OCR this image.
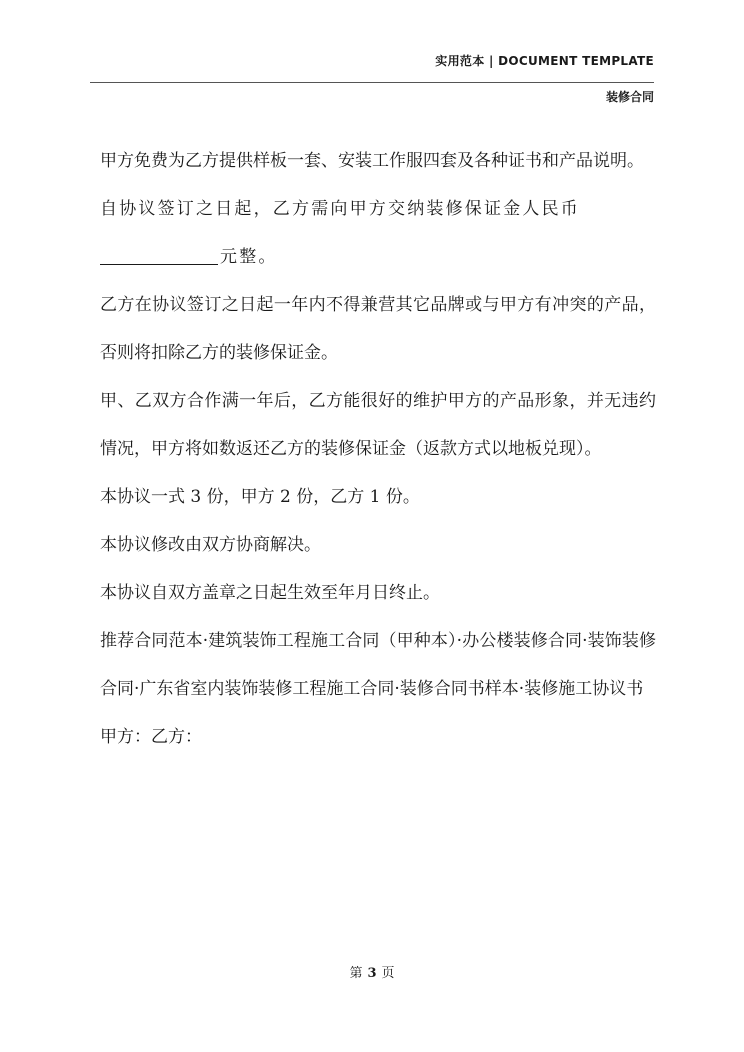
实用范本 | DOCUMENT TEMPLATE
装修合同

甲方免费为乙方提供样板一套、安装工作服四套及各种证书和产品说明。

自协议签订之日起，乙方需向甲方交纳装修保证金人民币
元整。

乙方在协议签订之日起一年内不得兼营其它品牌或与甲方有冲突的产品，否则将扣除乙方的装修保证金。

甲、乙双方合作满一年后，乙方能很好的维护甲方的产品形象，并无违约情况，甲方将如数返还乙方的装修保证金（返款方式以地板兑现）。

本协议一式 3 份，甲方 2 份，乙方 1 份。

本协议修改由双方协商解决。

本协议自双方盖章之日起生效至年月日终止。

推荐合同范本·建筑装饰工程施工合同（甲种本）·办公楼装修合同·装饰装修合同·广东省室内装饰装修工程施工合同·装修合同书样本·装修施工协议书

甲方：乙方：

第 3 页
